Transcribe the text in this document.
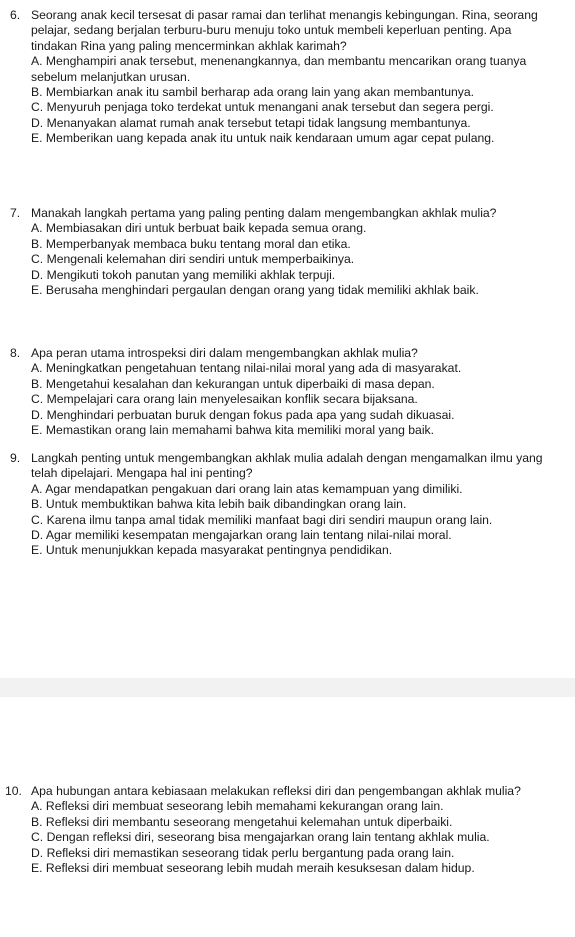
6. Seorang anak kecil tersesat di pasar ramai dan terlihat menangis kebingungan. Rina, seorang pelajar, sedang berjalan terburu-buru menuju toko untuk membeli keperluan penting. Apa tindakan Rina yang paling mencerminkan akhlak karimah?
A. Menghampiri anak tersebut, menenangkannya, dan membantu mencarikan orang tuanya sebelum melanjutkan urusan.
B. Membiarkan anak itu sambil berharap ada orang lain yang akan membantunya.
C. Menyuruh penjaga toko terdekat untuk menangani anak tersebut dan segera pergi.
D. Menanyakan alamat rumah anak tersebut tetapi tidak langsung membantunya.
E. Memberikan uang kepada anak itu untuk naik kendaraan umum agar cepat pulang.
7. Manakah langkah pertama yang paling penting dalam mengembangkan akhlak mulia?
A. Membiasakan diri untuk berbuat baik kepada semua orang.
B. Memperbanyak membaca buku tentang moral dan etika.
C. Mengenali kelemahan diri sendiri untuk memperbaikinya.
D. Mengikuti tokoh panutan yang memiliki akhlak terpuji.
E. Berusaha menghindari pergaulan dengan orang yang tidak memiliki akhlak baik.
8. Apa peran utama introspeksi diri dalam mengembangkan akhlak mulia?
A. Meningkatkan pengetahuan tentang nilai-nilai moral yang ada di masyarakat.
B. Mengetahui kesalahan dan kekurangan untuk diperbaiki di masa depan.
C. Mempelajari cara orang lain menyelesaikan konflik secara bijaksana.
D. Menghindari perbuatan buruk dengan fokus pada apa yang sudah dikuasai.
E. Memastikan orang lain memahami bahwa kita memiliki moral yang baik.
9. Langkah penting untuk mengembangkan akhlak mulia adalah dengan mengamalkan ilmu yang telah dipelajari. Mengapa hal ini penting?
A. Agar mendapatkan pengakuan dari orang lain atas kemampuan yang dimiliki.
B. Untuk membuktikan bahwa kita lebih baik dibandingkan orang lain.
C. Karena ilmu tanpa amal tidak memiliki manfaat bagi diri sendiri maupun orang lain.
D. Agar memiliki kesempatan mengajarkan orang lain tentang nilai-nilai moral.
E. Untuk menunjukkan kepada masyarakat pentingnya pendidikan.
10. Apa hubungan antara kebiasaan melakukan refleksi diri dan pengembangan akhlak mulia?
A. Refleksi diri membuat seseorang lebih memahami kekurangan orang lain.
B. Refleksi diri membantu seseorang mengetahui kelemahan untuk diperbaiki.
C. Dengan refleksi diri, seseorang bisa mengajarkan orang lain tentang akhlak mulia.
D. Refleksi diri memastikan seseorang tidak perlu bergantung pada orang lain.
E. Refleksi diri membuat seseorang lebih mudah meraih kesuksesan dalam hidup.
